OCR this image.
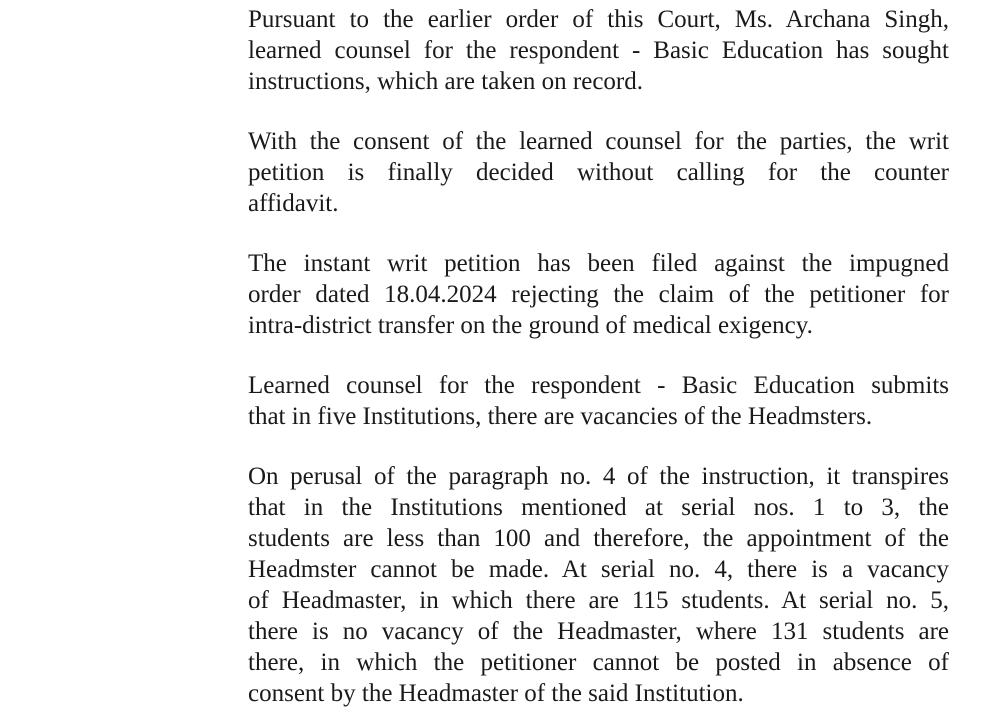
Pursuant to the earlier order of this Court, Ms. Archana Singh,
learned counsel for the respondent - Basic Education has sought
instructions, which are taken on record.

With the consent of the learned counsel for the parties, the writ
petition is finally decided without calling for the counter
affidavit.

The instant writ petition has been filed against the impugned
order dated 18.04.2024 rejecting the claim of the petitioner for
intra-district transfer on the ground of medical exigency.

Learned counsel for the respondent - Basic Education submits
that in five Institutions, there are vacancies of the Headmsters.

On perusal of the paragraph no. 4 of the instruction, it transpires
that in the Institutions mentioned at serial nos. 1 to 3, the
students are less than 100 and therefore, the appointment of the
Headmster cannot be made. At serial no. 4, there is a vacancy
of Headmaster, in which there are 115 students. At serial no. 5,
there is no vacancy of the Headmaster, where 131 students are
there, in which the petitioner cannot be posted in absence of
consent by the Headmaster of the said Institution.
